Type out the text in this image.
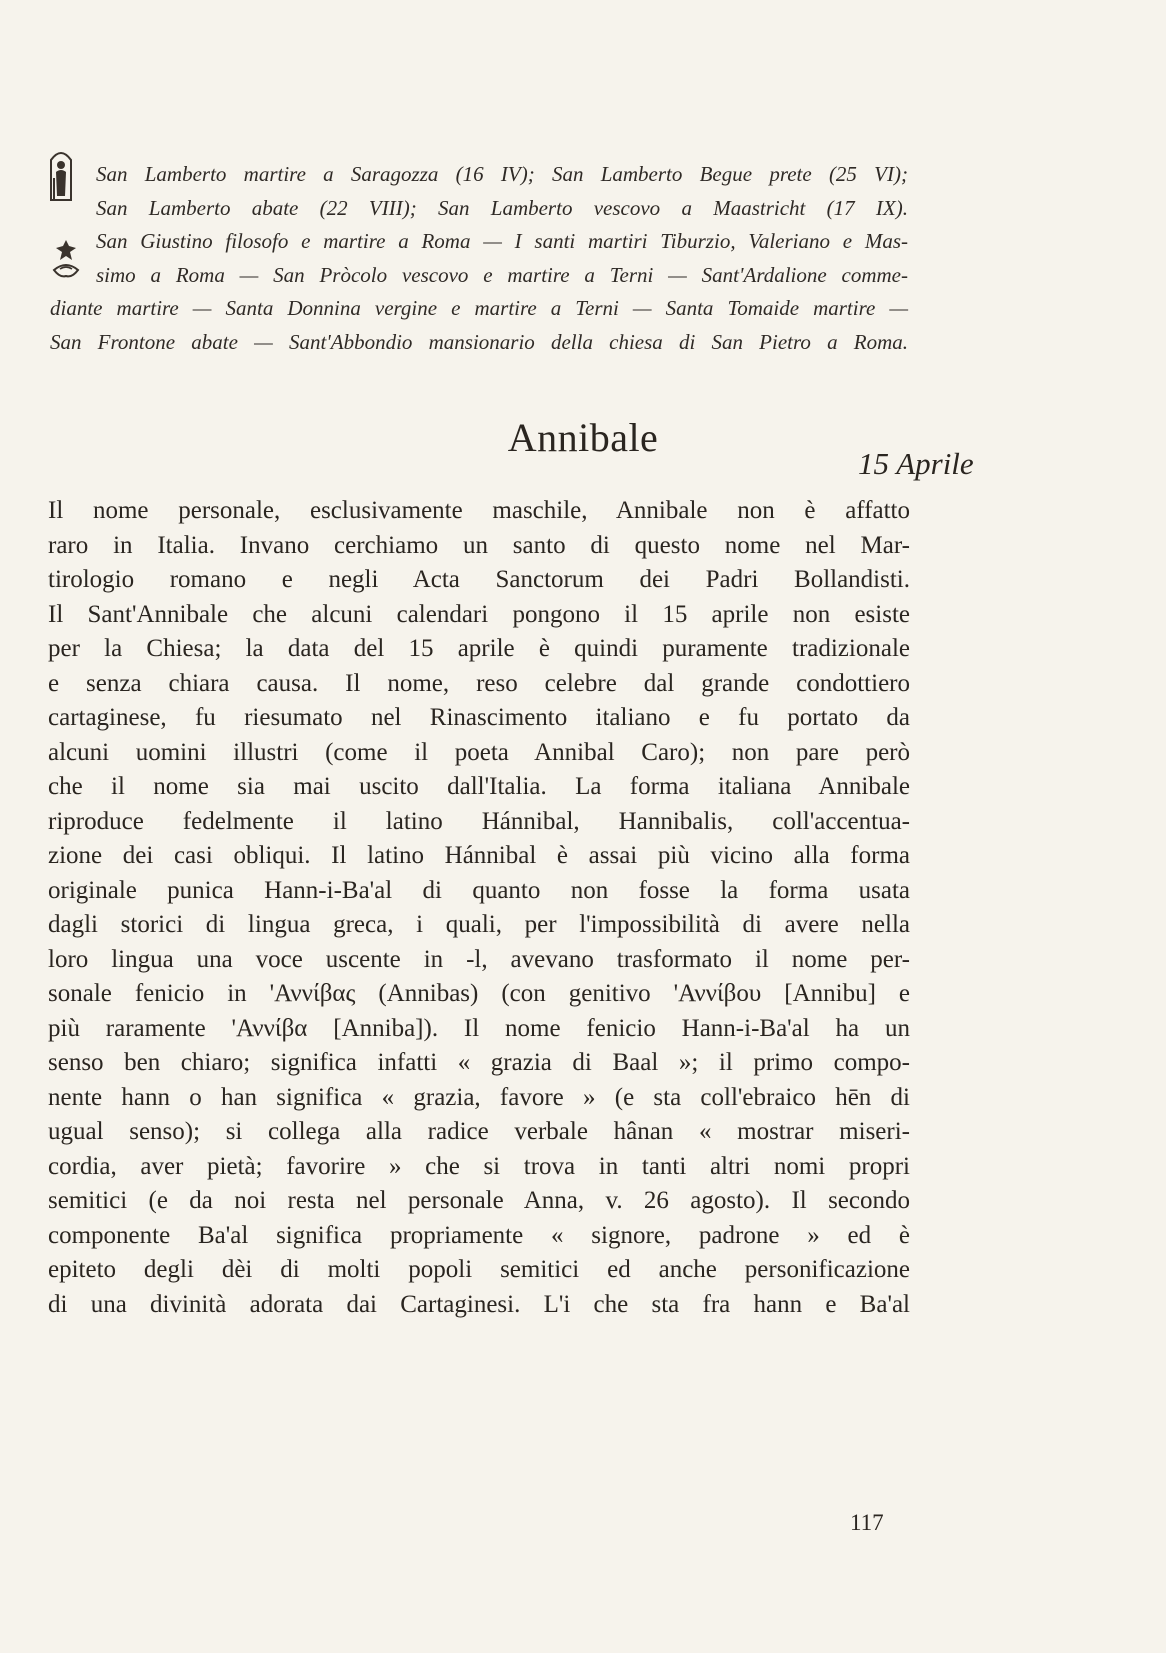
San Lamberto martire a Saragozza (16 IV); San Lamberto Begue prete (25 VI);
San Lamberto abate (22 VIII); San Lamberto vescovo a Maastricht (17 IX).
San Giustino filosofo e martire a Roma — I santi martiri Tiburzio, Valeriano e Mas-
simo a Roma — San Pròcolo vescovo e martire a Terni — Sant'Ardalione comme-
diante martire — Santa Donnina vergine e martire a Terni — Santa Tomaide martire —
San Frontone abate — Sant'Abbondio mansionario della chiesa di San Pietro a Roma.
Annibale
15 Aprile
Il nome personale, esclusivamente maschile, Annibale non è affatto
raro in Italia. Invano cerchiamo un santo di questo nome nel Mar-
tirologio romano e negli Acta Sanctorum dei Padri Bollandisti.
Il Sant'Annibale che alcuni calendari pongono il 15 aprile non esiste
per la Chiesa; la data del 15 aprile è quindi puramente tradizionale
e senza chiara causa. Il nome, reso celebre dal grande condottiero
cartaginese, fu riesumato nel Rinascimento italiano e fu portato da
alcuni uomini illustri (come il poeta Annibal Caro); non pare però
che il nome sia mai uscito dall'Italia. La forma italiana Annibale
riproduce fedelmente il latino Hánnibal, Hannibalis, coll'accentua-
zione dei casi obliqui. Il latino Hánnibal è assai più vicino alla forma
originale punica Hann-i-Ba'al di quanto non fosse la forma usata
dagli storici di lingua greca, i quali, per l'impossibilità di avere nella
loro lingua una voce uscente in -l, avevano trasformato il nome per-
sonale fenicio in 'Αννίβας (Annibas) (con genitivo 'Αννίβου [Annibu] e
più raramente 'Αννίβα [Anniba]). Il nome fenicio Hann-i-Ba'al ha un
senso ben chiaro; significa infatti « grazia di Baal »; il primo compo-
nente hann o han significa « grazia, favore » (e sta coll'ebraico hēn di
ugual senso); si collega alla radice verbale hânan « mostrar miseri-
cordia, aver pietà; favorire » che si trova in tanti altri nomi propri
semitici (e da noi resta nel personale Anna, v. 26 agosto). Il secondo
componente Ba'al significa propriamente « signore, padrone » ed è
epiteto degli dèi di molti popoli semitici ed anche personificazione
di una divinità adorata dai Cartaginesi. L'i che sta fra hann e Ba'al
117
